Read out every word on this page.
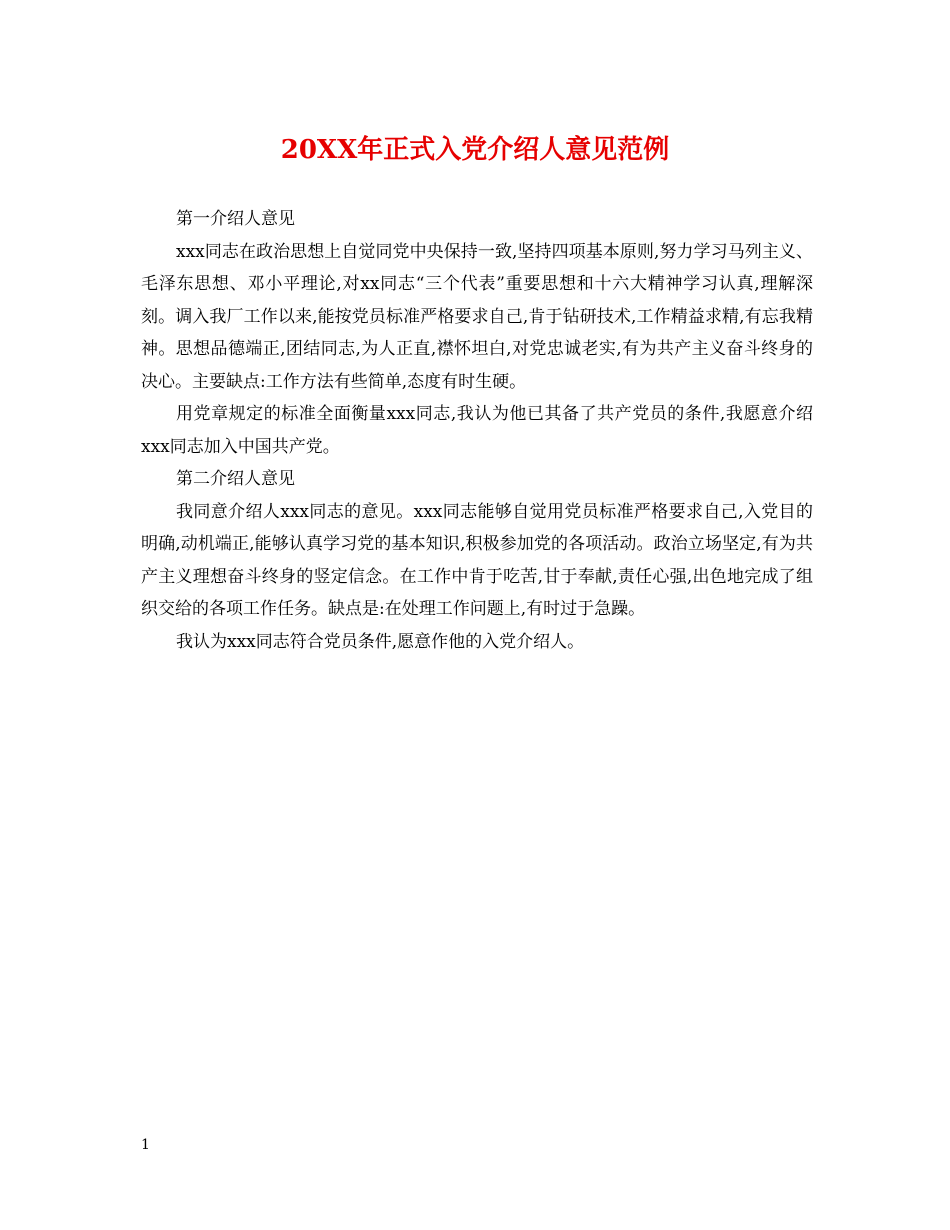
20XX年正式入党介绍人意见范例

第一介绍人意见

xxx同志在政治思想上自觉同党中央保持一致,坚持四项基本原则,努力学习马列主义、毛泽东思想、邓小平理论,对xx同志“三个代表”重要思想和十六大精神学习认真,理解深刻。调入我厂工作以来,能按党员标准严格要求自己,肯于钻研技术,工作精益求精,有忘我精神。思想品德端正,团结同志,为人正直,襟怀坦白,对党忠诚老实,有为共产主义奋斗终身的决心。主要缺点:工作方法有些简单,态度有时生硬。

用党章规定的标准全面衡量xxx同志,我认为他已其备了共产党员的条件,我愿意介绍xxx同志加入中国共产党。

第二介绍人意见

我同意介绍人xxx同志的意见。xxx同志能够自觉用党员标准严格要求自己,入党目的明确,动机端正,能够认真学习党的基本知识,积极参加党的各项活动。政治立场坚定,有为共产主义理想奋斗终身的竖定信念。在工作中肯于吃苦,甘于奉献,责任心强,出色地完成了组织交给的各项工作任务。缺点是:在处理工作问题上,有时过于急躁。

我认为xxx同志符合党员条件,愿意作他的入党介绍人。

1
